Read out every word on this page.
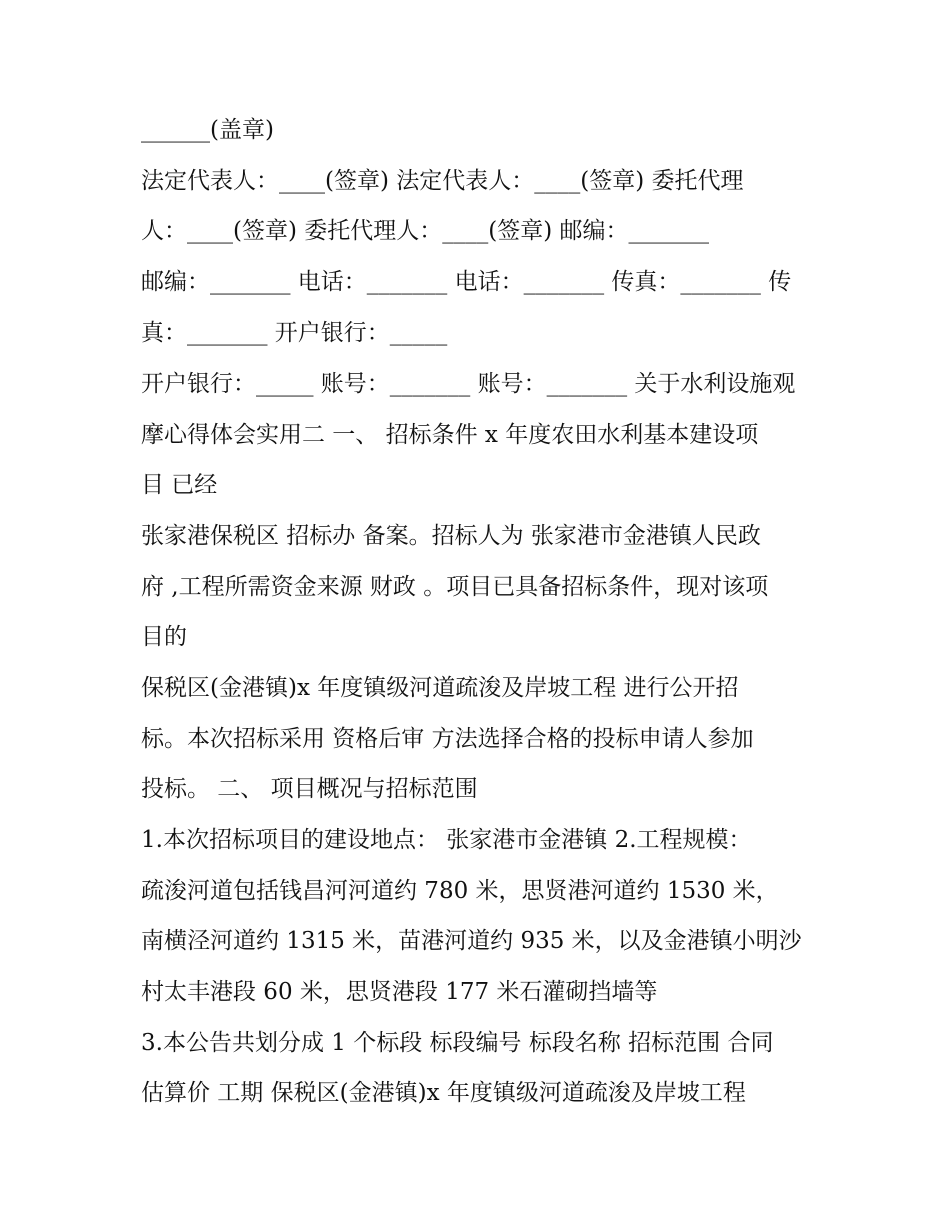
______(盖章)
法定代表人：____(签章) 法定代表人：____(签章) 委托代理
人：____(签章) 委托代理人：____(签章) 邮编：_______
邮编：_______ 电话：_______ 电话：_______ 传真：_______ 传
真：_______ 开户银行：_____
开户银行：_____ 账号：_______ 账号：_______ 关于水利设施观
摩心得体会实用二 一、 招标条件 x 年度农田水利基本建设项
目 已经
张家港保税区 招标办 备案。招标人为 张家港市金港镇人民政
府 ,工程所需资金来源 财政 。项目已具备招标条件，现对该项
目的
保税区(金港镇)x 年度镇级河道疏浚及岸坡工程 进行公开招
标。本次招标采用 资格后审 方法选择合格的投标申请人参加
投标。 二、 项目概况与招标范围
1.本次招标项目的建设地点： 张家港市金港镇 2.工程规模：
疏浚河道包括钱昌河河道约 780 米，思贤港河道约 1530 米，
南横泾河道约 1315 米，苗港河道约 935 米，以及金港镇小明沙
村太丰港段 60 米，思贤港段 177 米石灌砌挡墙等
3.本公告共划分成 1 个标段 标段编号 标段名称 招标范围 合同
估算价 工期 保税区(金港镇)x 年度镇级河道疏浚及岸坡工程
